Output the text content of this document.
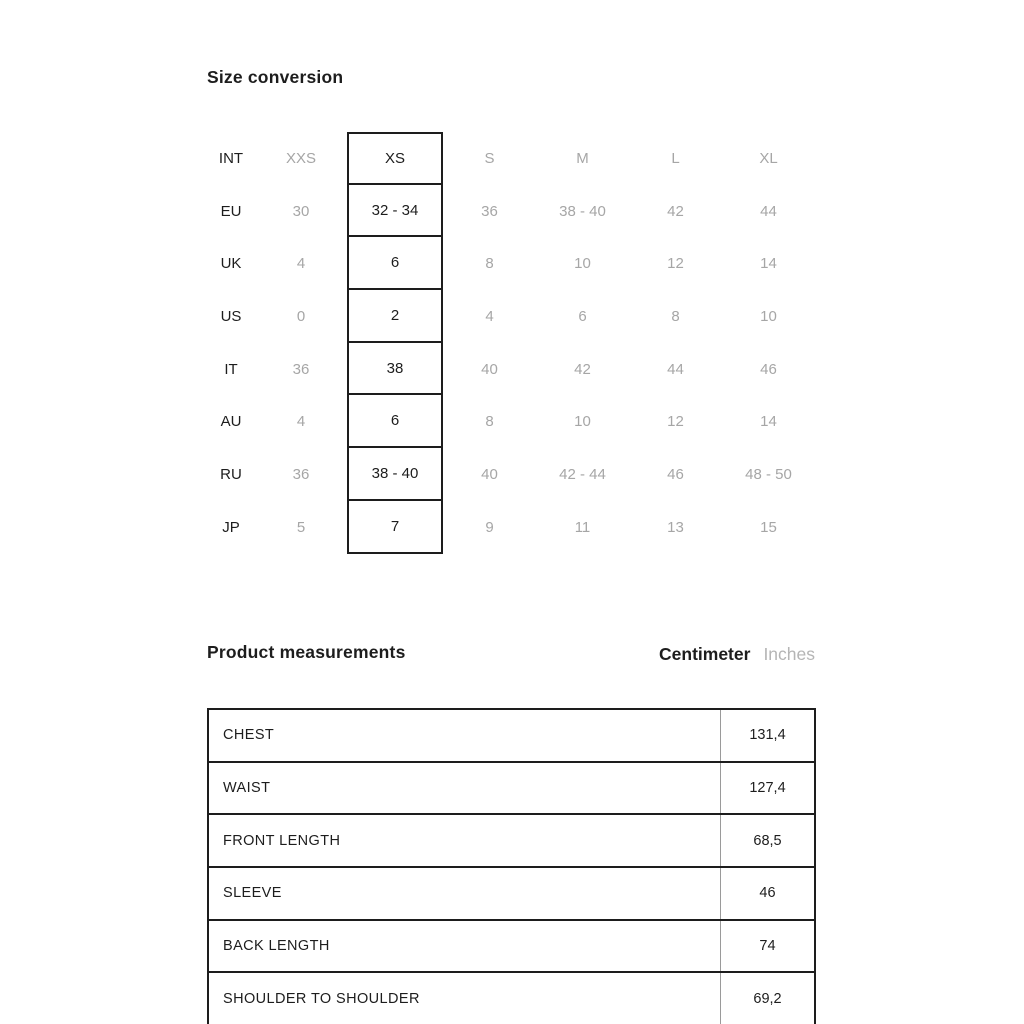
Size conversion
INT	XXS	XS	S	M	L	XL
EU	30	32 - 34	36	38 - 40	42	44
UK	4	6	8	10	12	14
US	0	2	4	6	8	10
IT	36	38	40	42	44	46
AU	4	6	8	10	12	14
RU	36	38 - 40	40	42 - 44	46	48 - 50
JP	5	7	9	11	13	15
Product measurements	Centimeter Inches
CHEST	131,4
WAIST	127,4
FRONT LENGTH	68,5
SLEEVE	46
BACK LENGTH	74
SHOULDER TO SHOULDER	69,2
